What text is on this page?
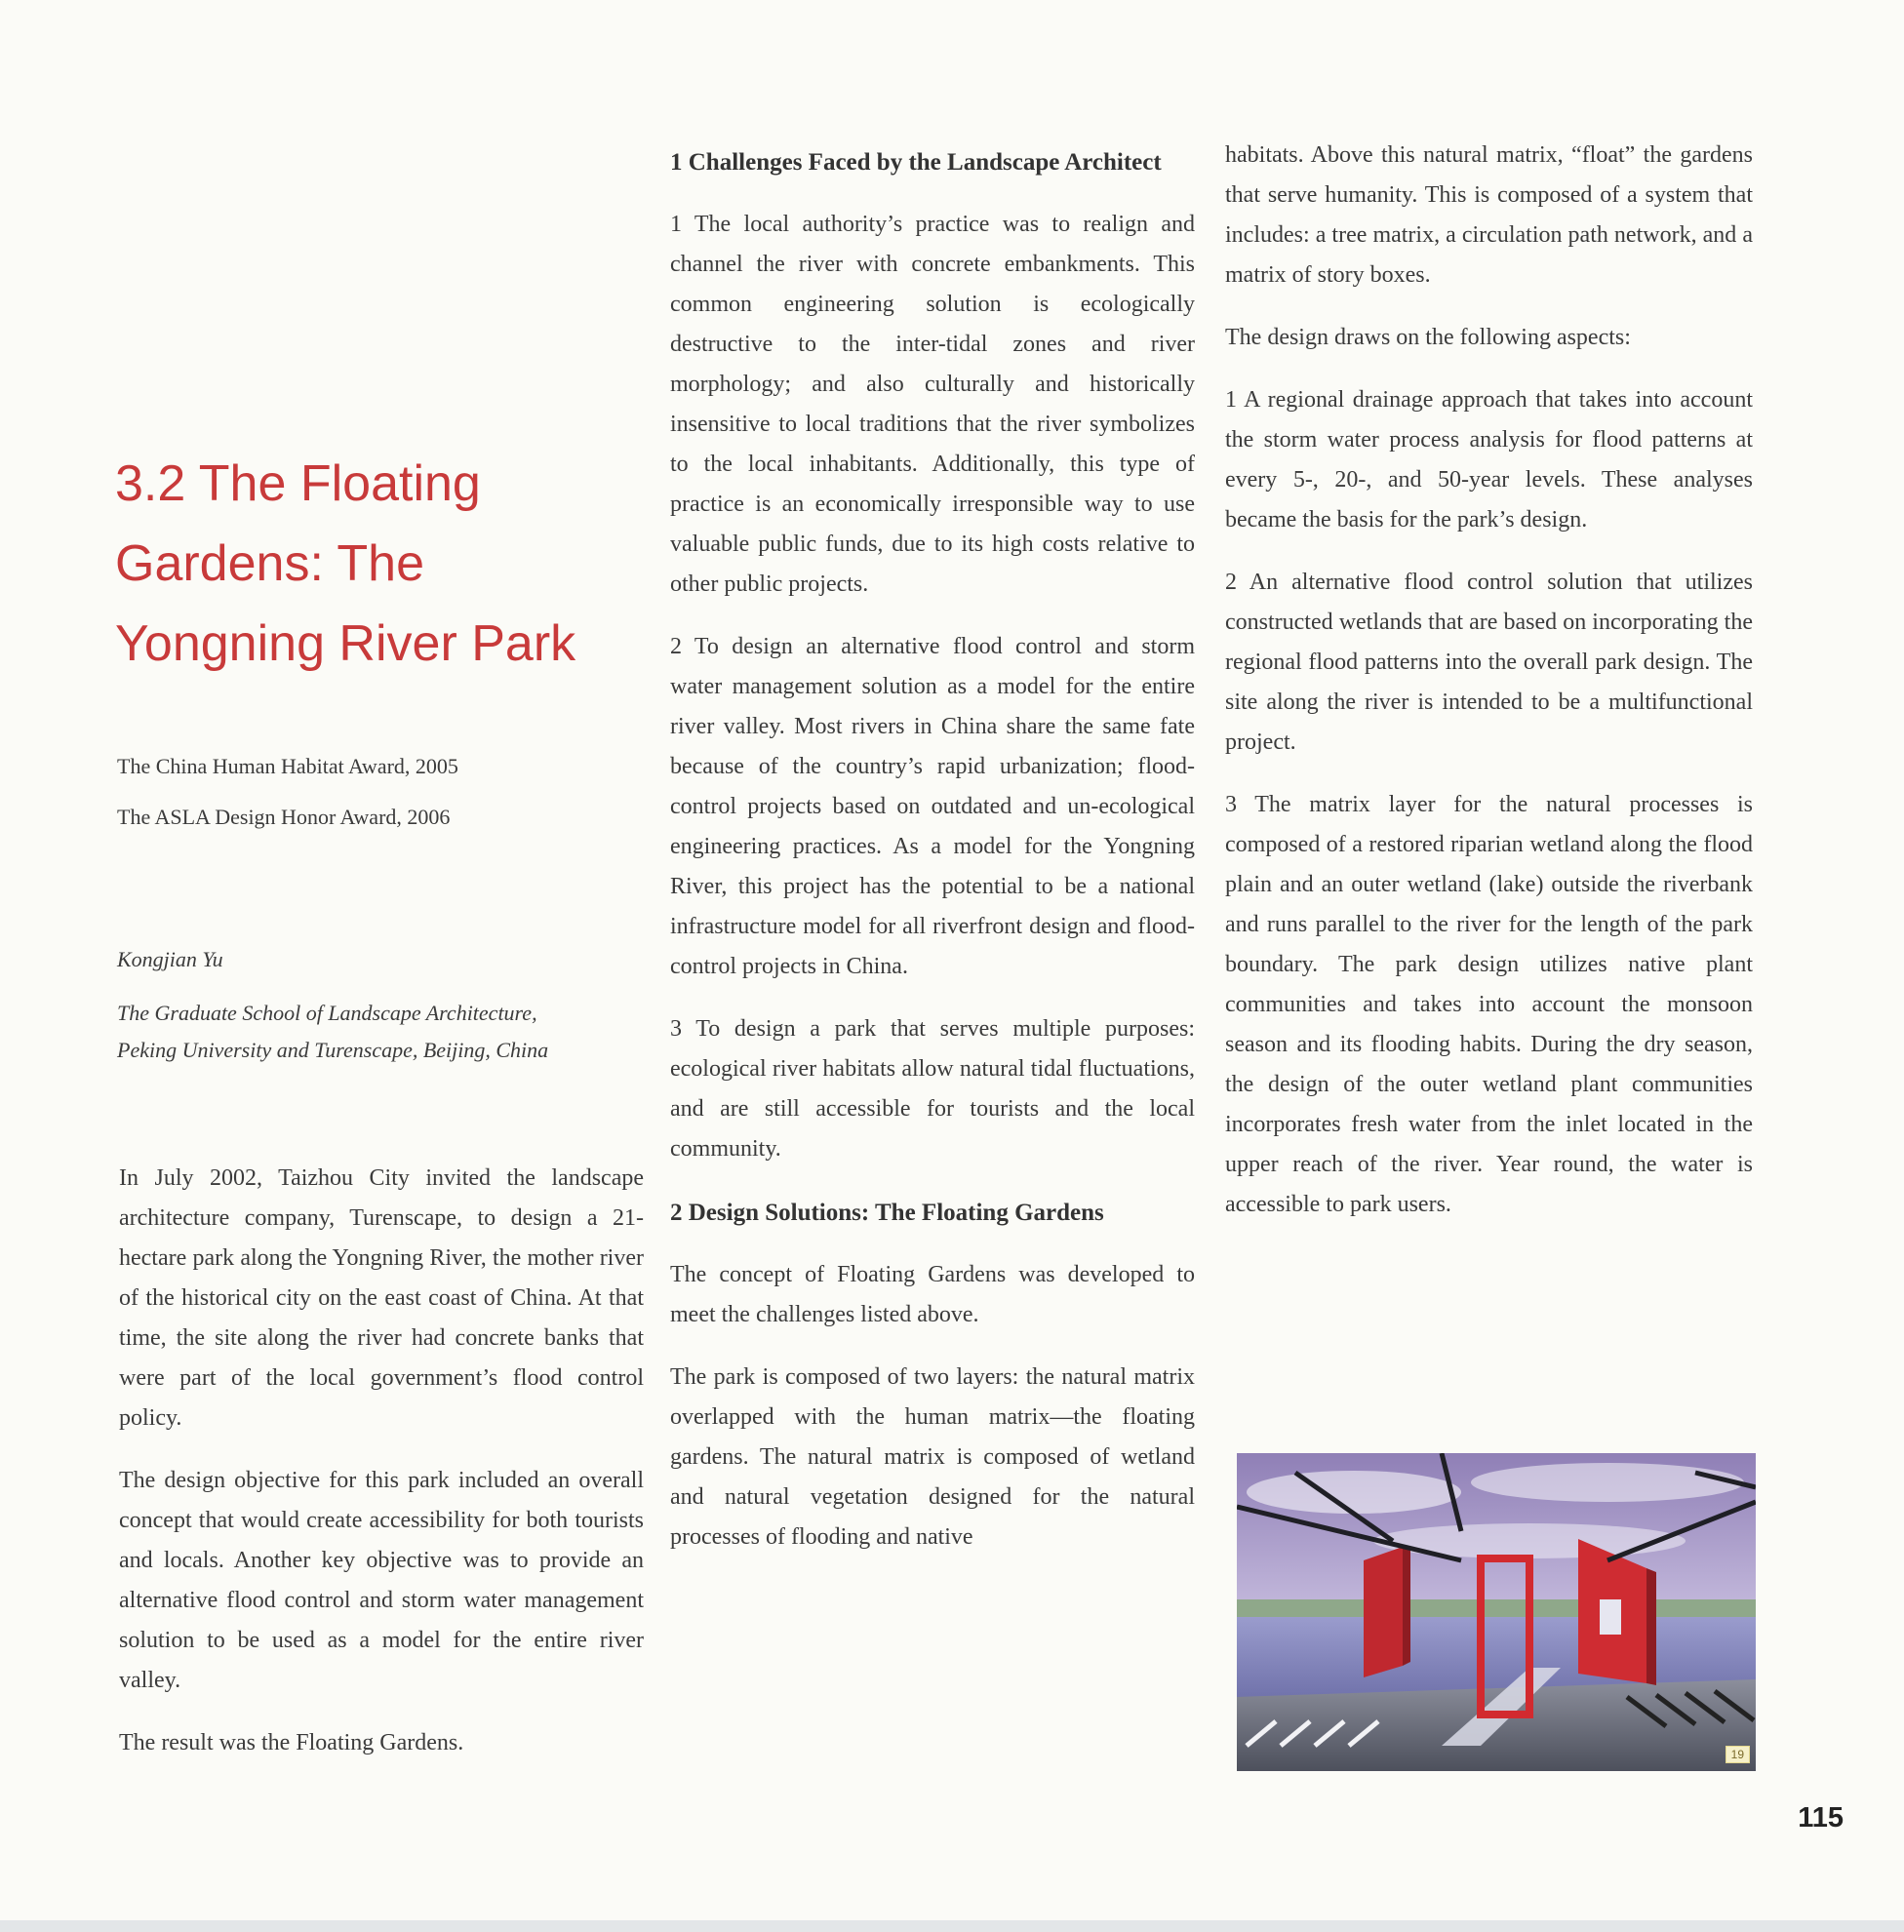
3.2 The Floating Gardens: The Yongning River Park

The China Human Habitat Award, 2005

The ASLA Design Honor Award, 2006

Kongjian Yu

The Graduate School of Landscape Architecture,
Peking University and Turenscape, Beijing, China

In July 2002, Taizhou City invited the landscape architecture company, Turenscape, to design a 21-hectare park along the Yongning River, the mother river of the historical city on the east coast of China. At that time, the site along the river had concrete banks that were part of the local government’s flood control policy.

The design objective for this park included an overall concept that would create accessibility for both tourists and locals. Another key objective was to provide an alternative flood control and storm water management solution to be used as a model for the entire river valley.

The result was the Floating Gardens.

1 Challenges Faced by the Landscape Architect

1 The local authority’s practice was to realign and channel the river with concrete embankments. This common engineering solution is ecologically destructive to the inter-tidal zones and river morphology; and also culturally and historically insensitive to local traditions that the river symbolizes to the local inhabitants. Additionally, this type of practice is an economically irresponsible way to use valuable public funds, due to its high costs relative to other public projects.

2 To design an alternative flood control and storm water management solution as a model for the entire river valley. Most rivers in China share the same fate because of the country’s rapid urbanization; flood-control projects based on outdated and un-ecological engineering practices. As a model for the Yongning River, this project has the potential to be a national infrastructure model for all riverfront design and flood-control projects in China.

3 To design a park that serves multiple purposes: ecological river habitats allow natural tidal fluctuations, and are still accessible for tourists and the local community.

2 Design Solutions: The Floating Gardens

The concept of Floating Gardens was developed to meet the challenges listed above.

The park is composed of two layers: the natural matrix overlapped with the human matrix—the floating gardens. The natural matrix is composed of wetland and natural vegetation designed for the natural processes of flooding and native

habitats. Above this natural matrix, “float” the gardens that serve humanity. This is composed of a system that includes: a tree matrix, a circulation path network, and a matrix of story boxes.

The design draws on the following aspects:

1 A regional drainage approach that takes into account the storm water process analysis for flood patterns at every 5-, 20-, and 50-year levels. These analyses became the basis for the park’s design.

2 An alternative flood control solution that utilizes constructed wetlands that are based on incorporating the regional flood patterns into the overall park design. The site along the river is intended to be a multifunctional project.

3 The matrix layer for the natural processes is composed of a restored riparian wetland along the flood plain and an outer wetland (lake) outside the riverbank and runs parallel to the river for the length of the park boundary. The park design utilizes native plant communities and takes into account the monsoon season and its flooding habits. During the dry season, the design of the outer wetland plant communities incorporates fresh water from the inlet located in the upper reach of the river. Year round, the water is accessible to park users.

19
115
